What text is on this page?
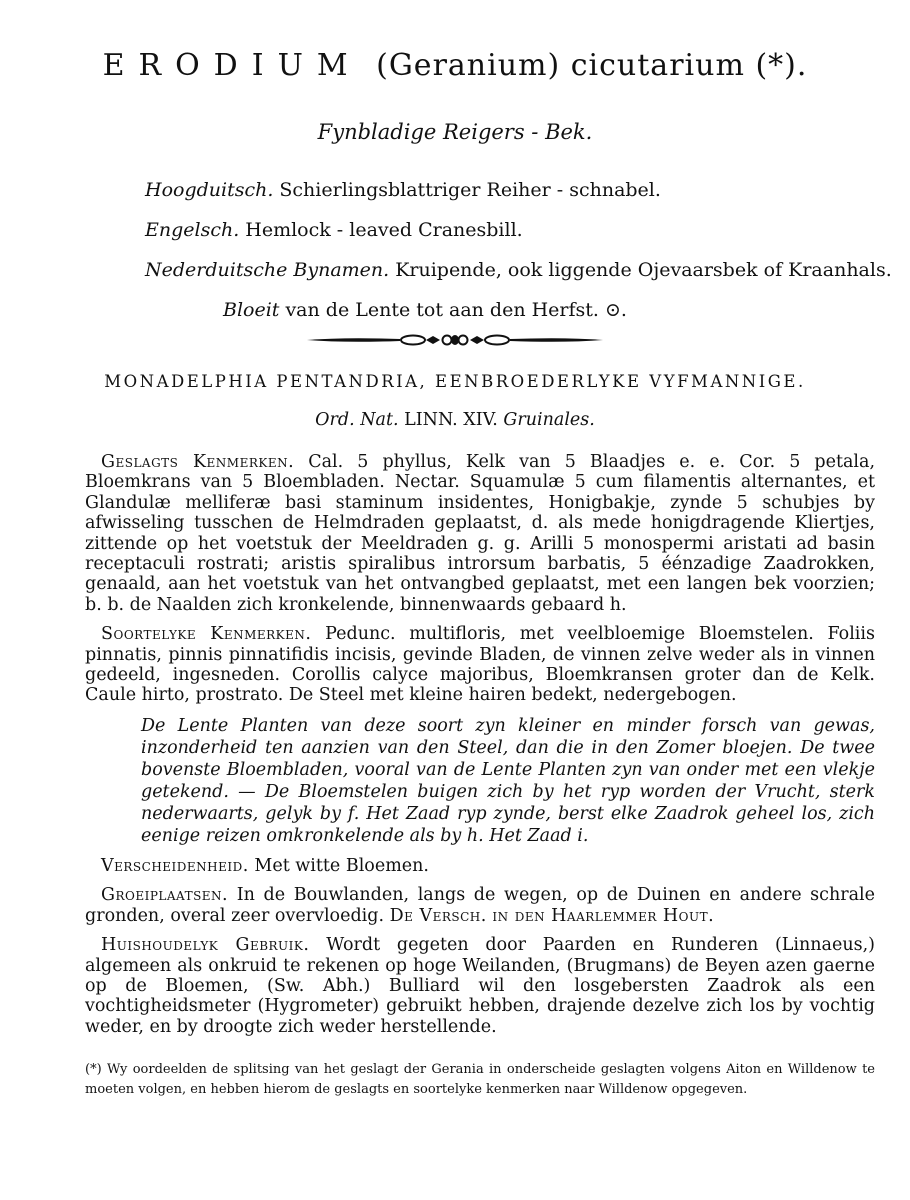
ERODIUM (Geranium) cicutarium (*).
Fynbladige Reigers - Bek.
Hoogduitsch. Schierlingsblattriger Reiher - schnabel.
Engelsch. Hemlock - leaved Cranesbill.
Nederduitsche Bynamen. Kruipende, ook liggende Ojevaarsbek of Kraanhals.
Bloeit van de Lente tot aan den Herfst. ⊙.
MONADELPHIA PENTANDRIA, EENBROEDERLYKE VYFMANNIGE.
Ord. Nat. LINN. XIV. Gruinales.

Geslagts Kenmerken. Cal. 5 phyllus, Kelk van 5 Blaadjes e. e. Cor. 5 petala, Bloemkrans van 5 Bloembladen. Nectar. Squamulæ 5 cum filamentis alternantes, et Glandulæ melliferæ basi staminum insidentes, Honigbakje, zynde 5 schubjes by afwisseling tusschen de Helmdraden geplaatst, d. als mede honigdragende Kliertjes, zittende op het voetstuk der Meeldraden g. g. Arilli 5 monospermi aristati ad basin receptaculi rostrati; aristis spiralibus introrsum barbatis, 5 éénzadige Zaadrokken, genaald, aan het voetstuk van het ontvangbed geplaatst, met een langen bek voorzien; b. b. de Naalden zich kronkelende, binnenwaards gebaard h.

Soortelyke Kenmerken. Pedunc. multifloris, met veelbloemige Bloemstelen. Foliis pinnatis, pinnis pinnatifidis incisis, gevinde Bladen, de vinnen zelve weder als in vinnen gedeeld, ingesneden. Corollis calyce majoribus, Bloemkransen groter dan de Kelk. Caule hirto, prostrato. De Steel met kleine hairen bedekt, nedergebogen.

De Lente Planten van deze soort zyn kleiner en minder forsch van gewas, inzonderheid ten aanzien van den Steel, dan die in den Zomer bloejen. De twee bovenste Bloembladen, vooral van de Lente Planten zyn van onder met een vlekje getekend. — De Bloemstelen buigen zich by het ryp worden der Vrucht, sterk nederwaarts, gelyk by f. Het Zaad ryp zynde, berst elke Zaadrok geheel los, zich eenige reizen omkronkelende als by h. Het Zaad i.

Verscheidenheid. Met witte Bloemen.

Groeiplaatsen. In de Bouwlanden, langs de wegen, op de Duinen en andere schrale gronden, overal zeer overvloedig. De Versch. in den Haarlemmer Hout.

Huishoudelyk Gebruik. Wordt gegeten door Paarden en Runderen (Linnaeus,) algemeen als onkruid te rekenen op hoge Weilanden, (Brugmans) de Beyen azen gaerne op de Bloemen, (Sw. Abh.) Bulliard wil den losgebersten Zaadrok als een vochtigheidsmeter (Hygrometer) gebruikt hebben, drajende dezelve zich los by vochtig weder, en by droogte zich weder herstellende.

(*) Wy oordeelden de splitsing van het geslagt der Gerania in onderscheide geslagten volgens Aiton en Willdenow te moeten volgen, en hebben hierom de geslagts en soortelyke kenmerken naar Willdenow opgegeven.
